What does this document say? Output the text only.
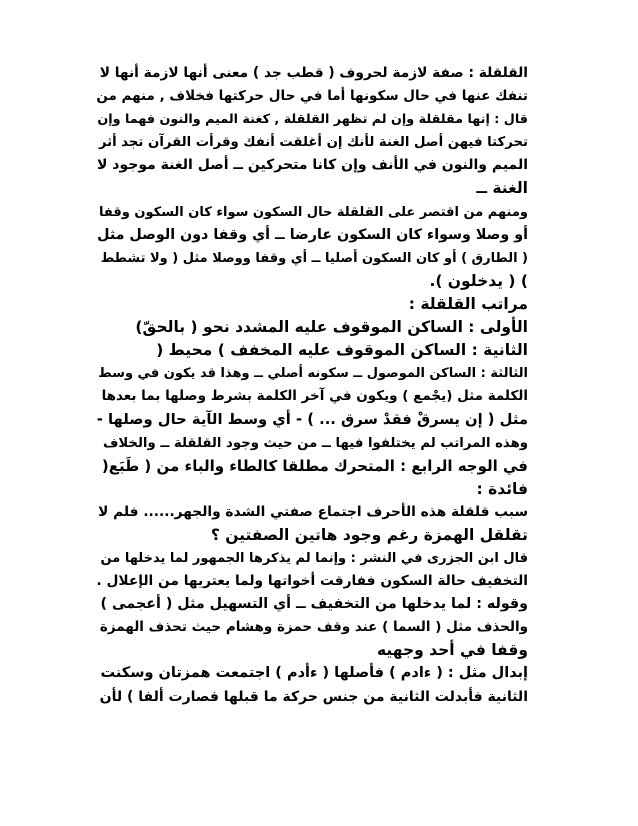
القلقلة : صفة لازمة لحروف ( قطب جد ) معنى أنها لازمة أنها لا
تنفك عنها في حال سكونها أما في حال حركتها فخلاف , منهم من
قال : إنها مقلقلة وإن لم تظهر القلقلة , كغنة الميم والنون فهما وإن
تحركتا فيهن أصل الغنة لأنك إن أغلقت أنفك وقرأت القرآن تجد أثر
الميم والنون في الأنف وإن كانا متحركين ــ أصل الغنة موجود لا
الغنة ــ
ومنهم من اقتصر على القلقلة حال السكون سواء كان السكون وقفا
أو وصلا وسواء كان السكون عارضا ــ أي وقفا دون الوصل مثل
( الطارق ) أو كان السكون أصليا ــ أي وقفا ووصلا مثل ( ولا تشطط
) ( يدخلون ).
مراتب القلقلة :
الأولى : الساكن الموقوف عليه المشدد نحو ( بالحقّ)
الثانية : الساكن الموقوف عليه المخفف ) محيط (
الثالثة : الساكن الموصول ــ سكونه أصلي ــ وهذا قد يكون في وسط
الكلمة مثل (يجْمع ) ويكون في آخر الكلمة بشرط وصلها بما بعدها
مثل ( إن يسرقْ فقدْ سرق ... ) - أي وسط الآية حال وصلها -
وهذه المراتب لم يختلفوا فيها ــ من حيث وجود القلقلة ــ والخلاف
في الوجه الرابع : المتحرك مطلقا كالطاء والباء من ( طَبَع(
فائدة :
سبب قلقلة هذه الأحرف اجتماع صفتي الشدة والجهر...... فلم لا
تقلقل الهمزة رغم وجود هاتين الصفتين ؟
قال ابن الجزرى في النشر : وإنما لم يذكرها الجمهور لما يدخلها من
التخفيف حالة السكون ففارقت أخواتها ولما يعتريها من الإعلال .
وقوله : لما يدخلها من التخفيف ــ أي التسهيل مثل ( أعجمى )
والحذف مثل ( السما ) عند وقف حمزة وهشام حيث تحذف الهمزة
وقفا في أحد وجهيه
إبدال مثل : ( ءادم ) فأصلها ( ءأدم ) اجتمعت همزتان وسكنت
الثانية فأبدلت الثانية من جنس حركة ما قبلها فصارت ألفا ) لأن
